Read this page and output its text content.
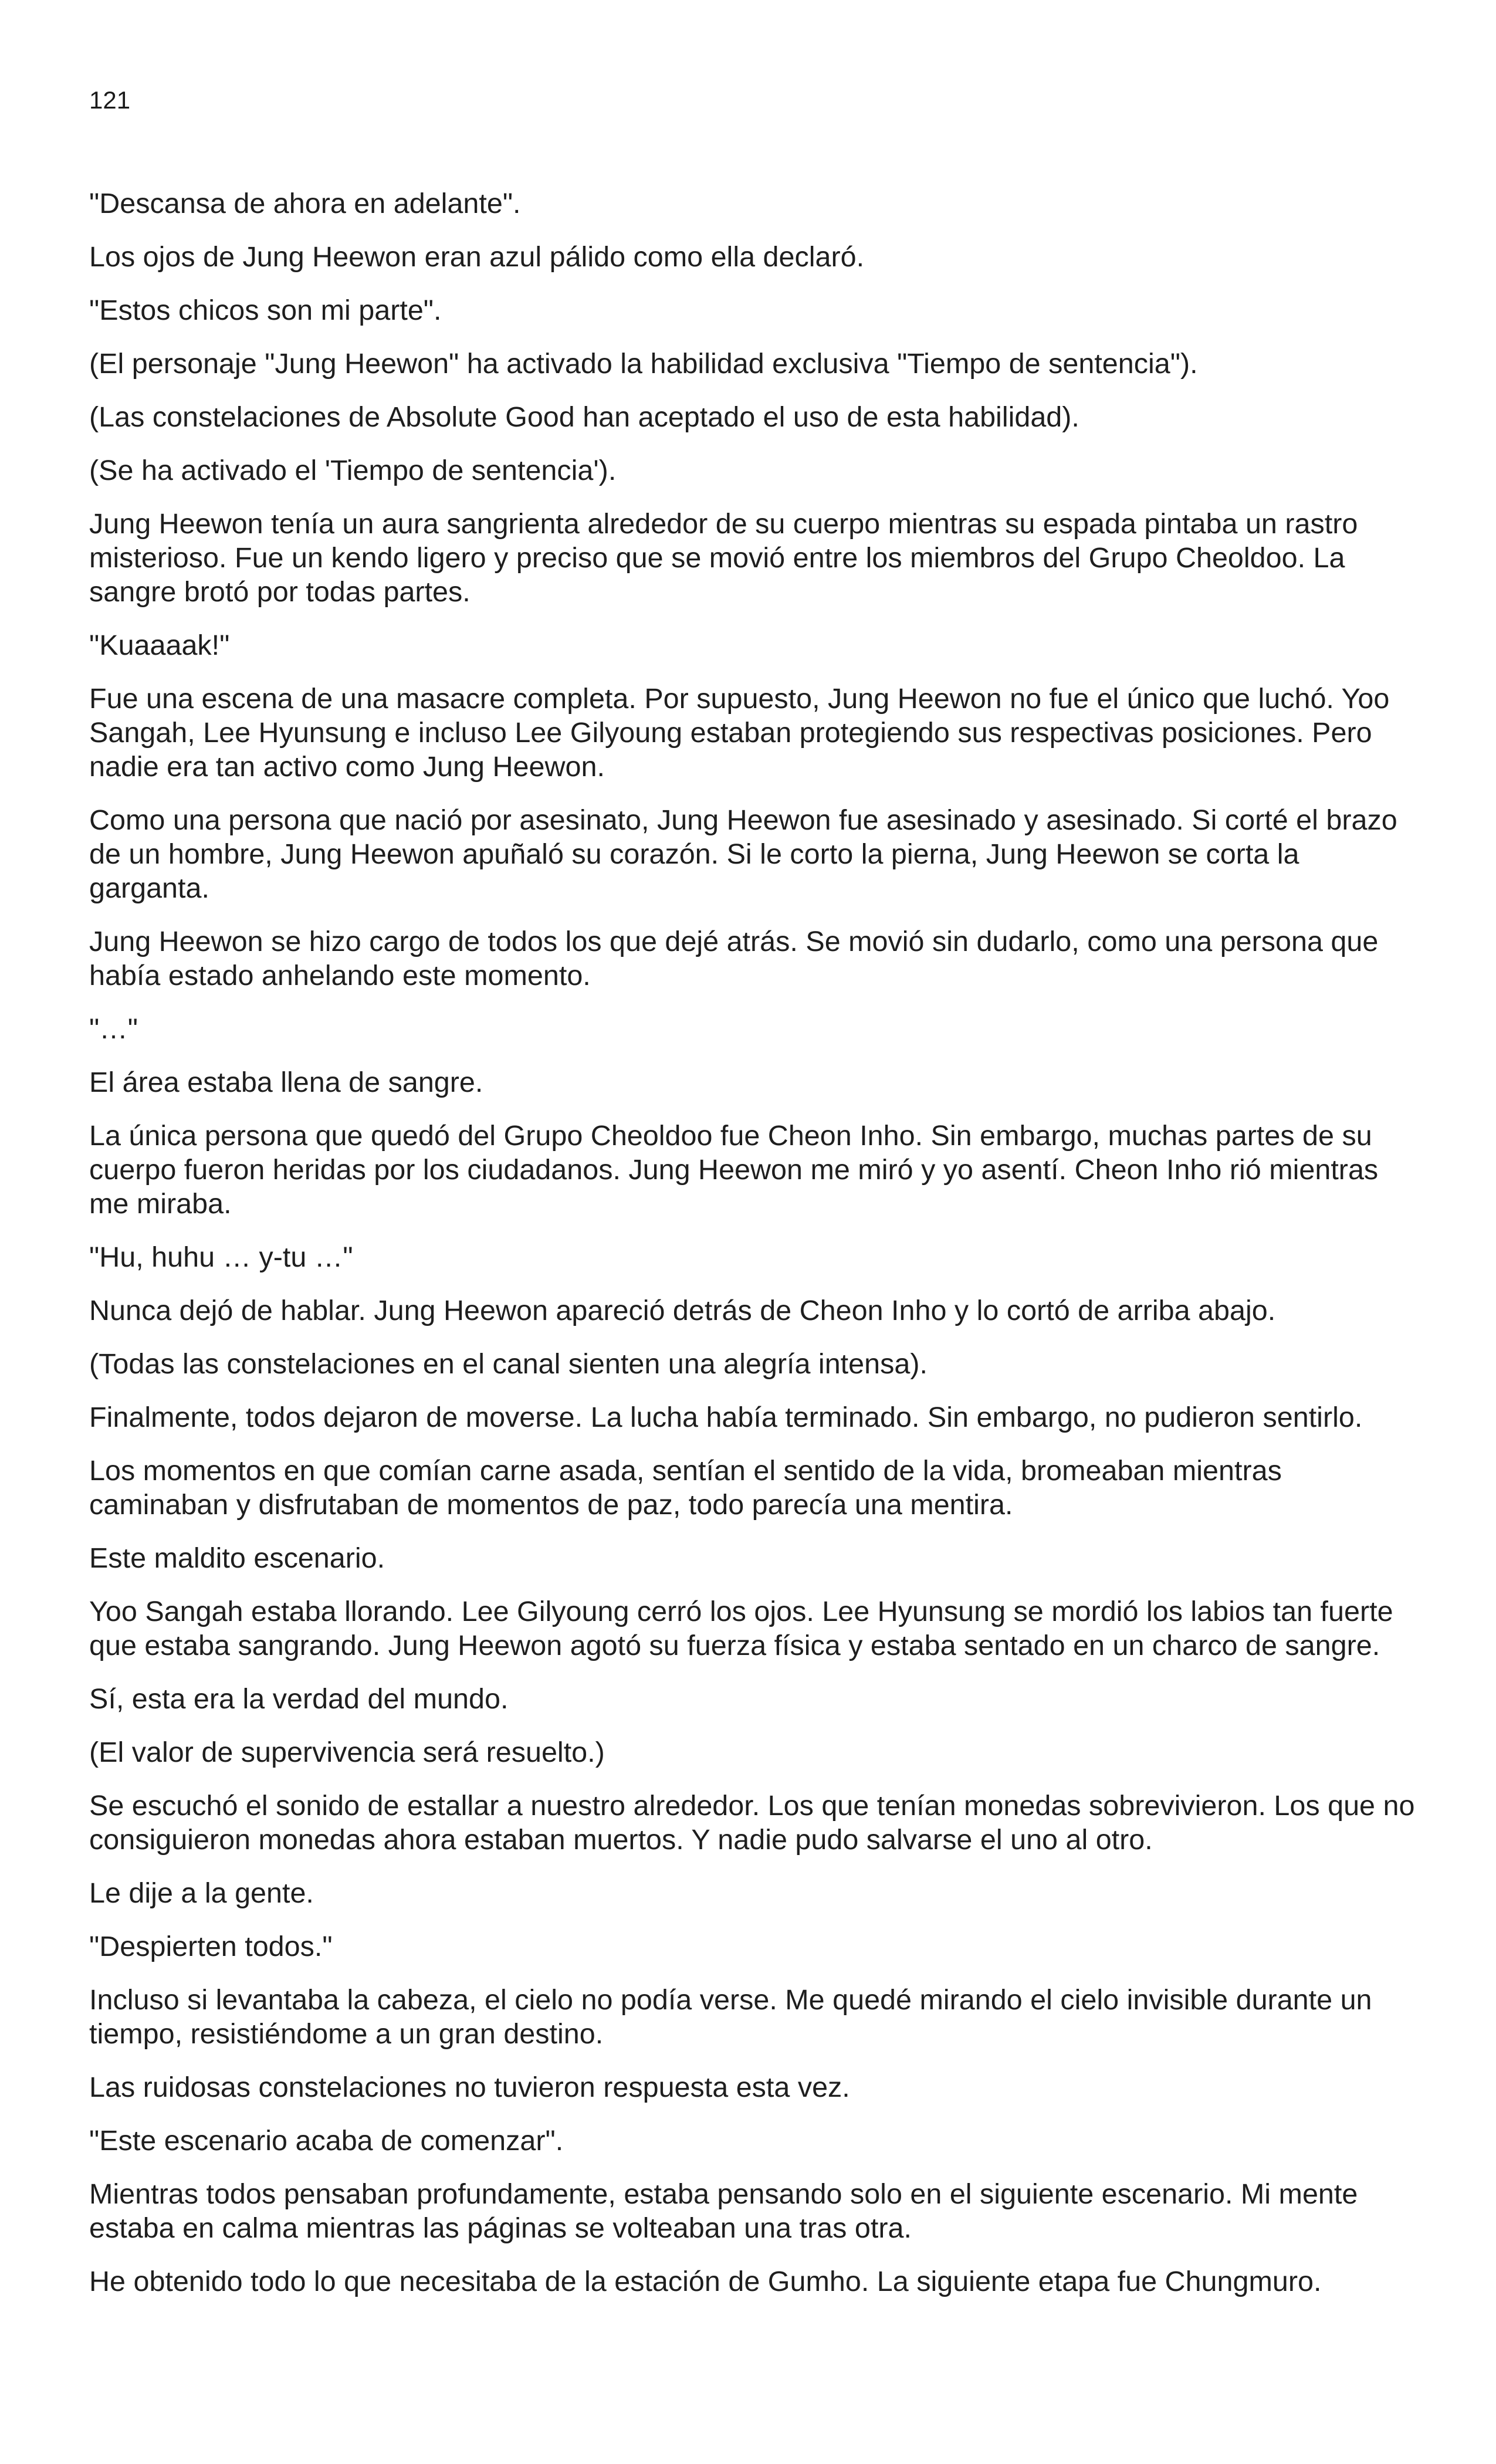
121

"Descansa de ahora en adelante".

Los ojos de Jung Heewon eran azul pálido como ella declaró.

"Estos chicos son mi parte".

(El personaje "Jung Heewon" ha activado la habilidad exclusiva "Tiempo de sentencia").

(Las constelaciones de Absolute Good han aceptado el uso de esta habilidad).

(Se ha activado el 'Tiempo de sentencia').

Jung Heewon tenía un aura sangrienta alrededor de su cuerpo mientras su espada pintaba un rastro misterioso. Fue un kendo ligero y preciso que se movió entre los miembros del Grupo Cheoldoo. La sangre brotó por todas partes.

"Kuaaaak!"

Fue una escena de una masacre completa. Por supuesto, Jung Heewon no fue el único que luchó. Yoo Sangah, Lee Hyunsung e incluso Lee Gilyoung estaban protegiendo sus respectivas posiciones. Pero nadie era tan activo como Jung Heewon.

Como una persona que nació por asesinato, Jung Heewon fue asesinado y asesinado. Si corté el brazo de un hombre, Jung Heewon apuñaló su corazón. Si le corto la pierna, Jung Heewon se corta la garganta.

Jung Heewon se hizo cargo de todos los que dejé atrás. Se movió sin dudarlo, como una persona que había estado anhelando este momento.

"…"

El área estaba llena de sangre.

La única persona que quedó del Grupo Cheoldoo fue Cheon Inho. Sin embargo, muchas partes de su cuerpo fueron heridas por los ciudadanos. Jung Heewon me miró y yo asentí. Cheon Inho rió mientras me miraba.

"Hu, huhu … y-tu …"

Nunca dejó de hablar. Jung Heewon apareció detrás de Cheon Inho y lo cortó de arriba abajo.

(Todas las constelaciones en el canal sienten una alegría intensa).

Finalmente, todos dejaron de moverse. La lucha había terminado. Sin embargo, no pudieron sentirlo.

Los momentos en que comían carne asada, sentían el sentido de la vida, bromeaban mientras caminaban y disfrutaban de momentos de paz, todo parecía una mentira.

Este maldito escenario.

Yoo Sangah estaba llorando. Lee Gilyoung cerró los ojos. Lee Hyunsung se mordió los labios tan fuerte que estaba sangrando. Jung Heewon agotó su fuerza física y estaba sentado en un charco de sangre.

Sí, esta era la verdad del mundo.

(El valor de supervivencia será resuelto.)

Se escuchó el sonido de estallar a nuestro alrededor. Los que tenían monedas sobrevivieron. Los que no consiguieron monedas ahora estaban muertos. Y nadie pudo salvarse el uno al otro.

Le dije a la gente.

"Despierten todos."

Incluso si levantaba la cabeza, el cielo no podía verse. Me quedé mirando el cielo invisible durante un tiempo, resistiéndome a un gran destino.

Las ruidosas constelaciones no tuvieron respuesta esta vez.

"Este escenario acaba de comenzar".

Mientras todos pensaban profundamente, estaba pensando solo en el siguiente escenario. Mi mente estaba en calma mientras las páginas se volteaban una tras otra.

He obtenido todo lo que necesitaba de la estación de Gumho. La siguiente etapa fue Chungmuro.
